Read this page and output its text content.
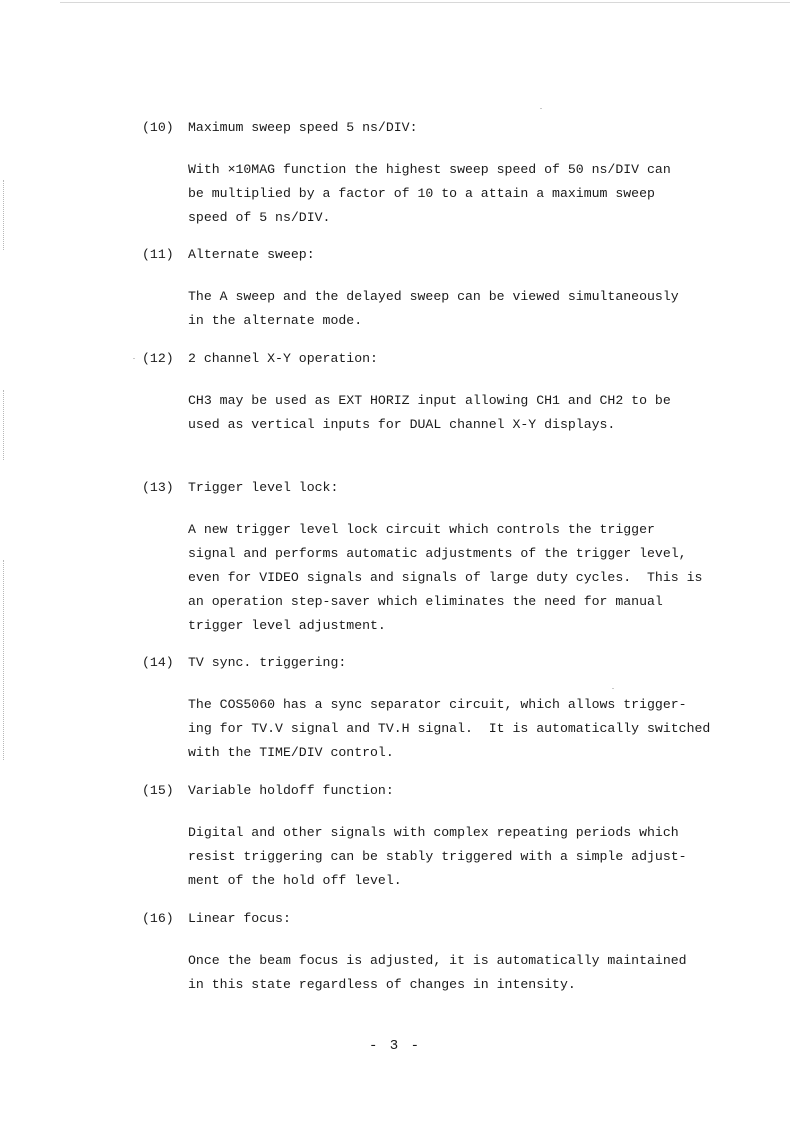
(10) Maximum sweep speed 5 ns/DIV:
With ×10MAG function the highest sweep speed of 50 ns/DIV can
be multiplied by a factor of 10 to a attain a maximum sweep
speed of 5 ns/DIV.
(11) Alternate sweep:
The A sweep and the delayed sweep can be viewed simultaneously
in the alternate mode.
(12) 2 channel X-Y operation:
CH3 may be used as EXT HORIZ input allowing CH1 and CH2 to be
used as vertical inputs for DUAL channel X-Y displays.
(13) Trigger level lock:
A new trigger level lock circuit which controls the trigger
signal and performs automatic adjustments of the trigger level,
even for VIDEO signals and signals of large duty cycles.  This is
an operation step-saver which eliminates the need for manual
trigger level adjustment.
(14) TV sync. triggering:
The COS5060 has a sync separator circuit, which allows trigger-
ing for TV.V signal and TV.H signal.  It is automatically switched
with the TIME/DIV control.
(15) Variable holdoff function:
Digital and other signals with complex repeating periods which
resist triggering can be stably triggered with a simple adjust-
ment of the hold off level.
(16) Linear focus:
Once the beam focus is adjusted, it is automatically maintained
in this state regardless of changes in intensity.
- 3 -
